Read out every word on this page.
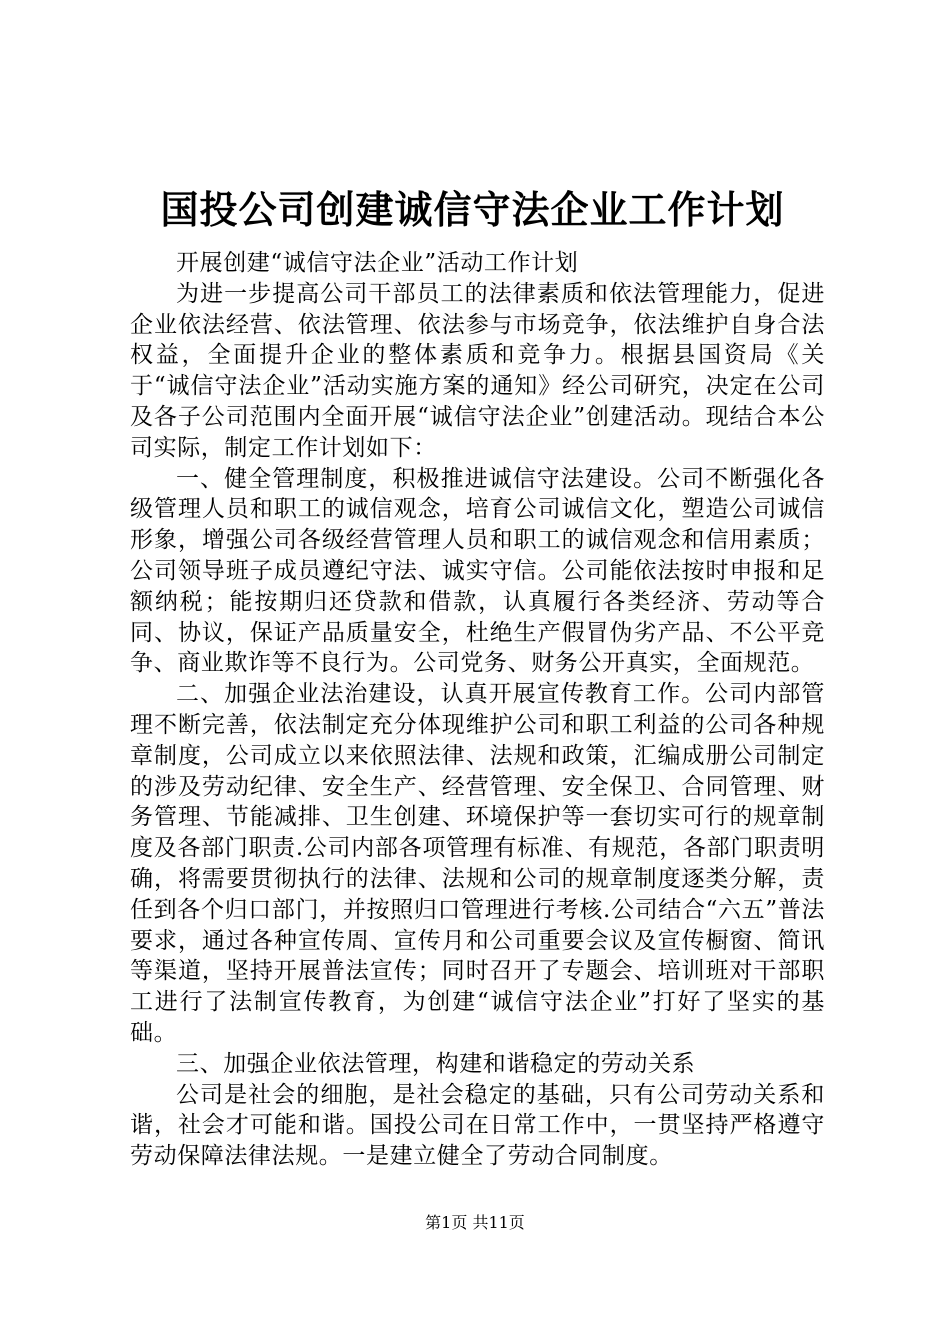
国投公司创建诚信守法企业工作计划

开展创建“诚信守法企业”活动工作计划

为进一步提高公司干部员工的法律素质和依法管理能力，促进企业依法经营、依法管理、依法参与市场竞争，依法维护自身合法权益，全面提升企业的整体素质和竞争力。根据县国资局《关于“诚信守法企业”活动实施方案的通知》经公司研究，决定在公司及各子公司范围内全面开展“诚信守法企业”创建活动。现结合本公司实际，制定工作计划如下：

一、健全管理制度，积极推进诚信守法建设。公司不断强化各级管理人员和职工的诚信观念，培育公司诚信文化，塑造公司诚信形象，增强公司各级经营管理人员和职工的诚信观念和信用素质；公司领导班子成员遵纪守法、诚实守信。公司能依法按时申报和足额纳税；能按期归还贷款和借款，认真履行各类经济、劳动等合同、协议，保证产品质量安全，杜绝生产假冒伪劣产品、不公平竞争、商业欺诈等不良行为。公司党务、财务公开真实，全面规范。

二、加强企业法治建设，认真开展宣传教育工作。公司内部管理不断完善，依法制定充分体现维护公司和职工利益的公司各种规章制度，公司成立以来依照法律、法规和政策，汇编成册公司制定的涉及劳动纪律、安全生产、经营管理、安全保卫、合同管理、财务管理、节能减排、卫生创建、环境保护等一套切实可行的规章制度及各部门职责.公司内部各项管理有标准、有规范，各部门职责明确，将需要贯彻执行的法律、法规和公司的规章制度逐类分解，责任到各个归口部门，并按照归口管理进行考核.公司结合“六五”普法要求，通过各种宣传周、宣传月和公司重要会议及宣传橱窗、简讯等渠道，坚持开展普法宣传；同时召开了专题会、培训班对干部职工进行了法制宣传教育，为创建“诚信守法企业”打好了坚实的基础。

三、加强企业依法管理，构建和谐稳定的劳动关系

公司是社会的细胞，是社会稳定的基础，只有公司劳动关系和谐，社会才可能和谐。国投公司在日常工作中，一贯坚持严格遵守劳动保障法律法规。一是建立健全了劳动合同制度。

第1页 共11页
